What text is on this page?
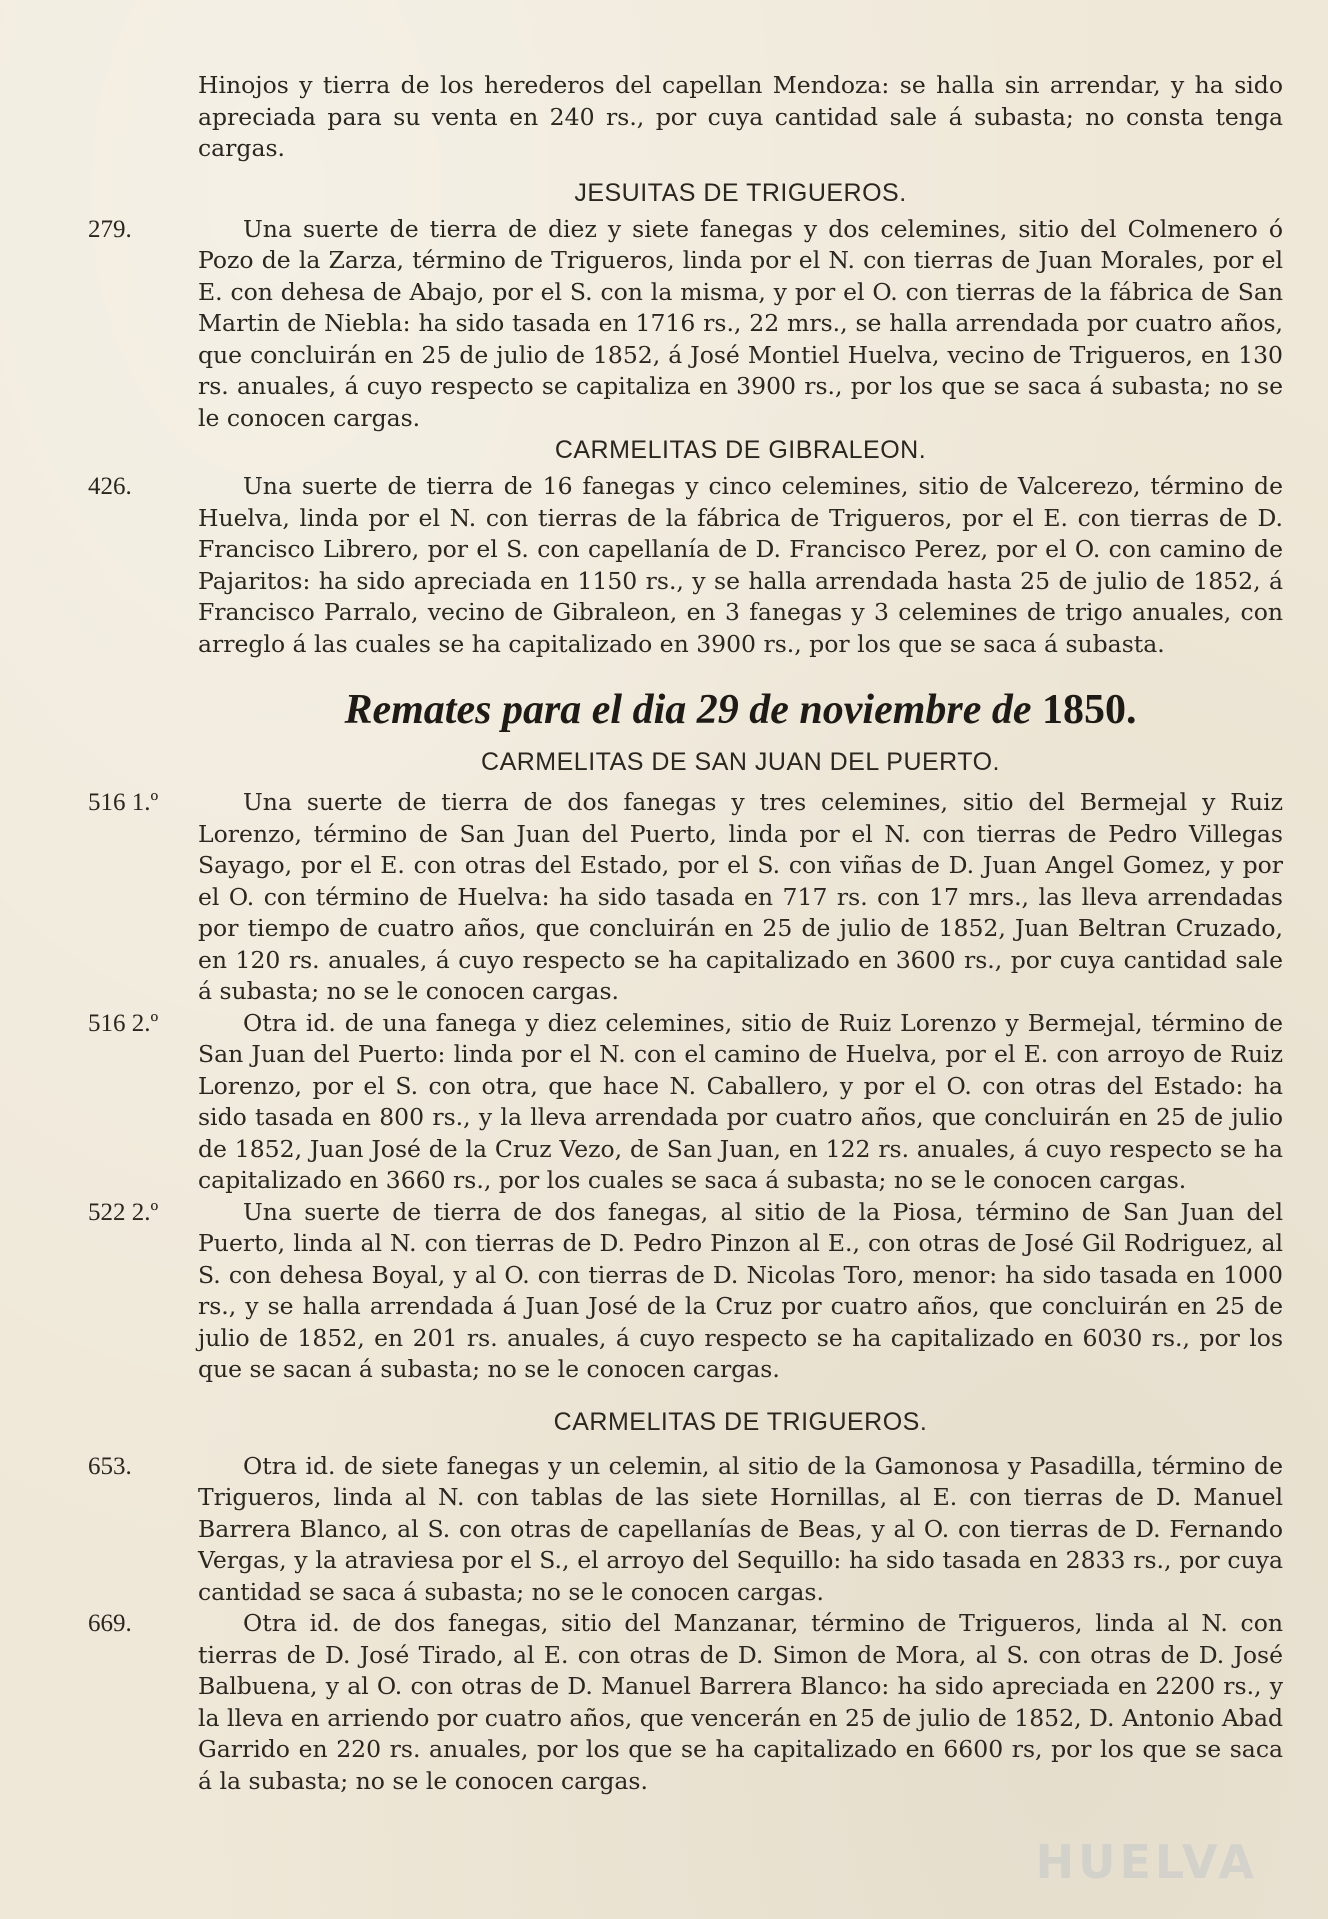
Hinojos y tierra de los herederos del capellan Mendoza: se halla sin arrendar, y ha sido apreciada para su venta en 240 rs., por cuya cantidad sale á subasta; no consta tenga cargas.

JESUITAS DE TRIGUEROS.

279.	Una suerte de tierra de diez y siete fanegas y dos celemines, sitio del Colmenero ó Pozo de la Zarza, término de Trigueros, linda por el N. con tierras de Juan Morales, por el E. con dehesa de Abajo, por el S. con la misma, y por el O. con tierras de la fábrica de San Martin de Niebla: ha sido tasada en 1716 rs., 22 mrs., se halla arrendada por cuatro años, que concluirán en 25 de julio de 1852, á José Montiel Huelva, vecino de Trigueros, en 130 rs. anuales, á cuyo respecto se capitaliza en 3900 rs., por los que se saca á subasta; no se le conocen cargas.

CARMELITAS DE GIBRALEON.

426.	Una suerte de tierra de 16 fanegas y cinco celemines, sitio de Valcerezo, término de Huelva, linda por el N. con tierras de la fábrica de Trigueros, por el E. con tierras de D. Francisco Librero, por el S. con capellanía de D. Francisco Perez, por el O. con camino de Pajaritos: ha sido apreciada en 1150 rs., y se halla arrendada hasta 25 de julio de 1852, á Francisco Parralo, vecino de Gibraleon, en 3 fanegas y 3 celemines de trigo anuales, con arreglo á las cuales se ha capitalizado en 3900 rs., por los que se saca á subasta.

Remates para el dia 29 de noviembre de 1850.
CARMELITAS DE SAN JUAN DEL PUERTO.

516 1.º	Una suerte de tierra de dos fanegas y tres celemines, sitio del Bermejal y Ruiz Lorenzo, término de San Juan del Puerto, linda por el N. con tierras de Pedro Villegas Sayago, por el E. con otras del Estado, por el S. con viñas de D. Juan Angel Gomez, y por el O. con término de Huelva: ha sido tasada en 717 rs. con 17 mrs., las lleva arrendadas por tiempo de cuatro años, que concluirán en 25 de julio de 1852, Juan Beltran Cruzado, en 120 rs. anuales, á cuyo respecto se ha capitalizado en 3600 rs., por cuya cantidad sale á subasta; no se le conocen cargas.

516 2.º	Otra id. de una fanega y diez celemines, sitio de Ruiz Lorenzo y Bermejal, término de San Juan del Puerto: linda por el N. con el camino de Huelva, por el E. con arroyo de Ruiz Lorenzo, por el S. con otra, que hace N. Caballero, y por el O. con otras del Estado: ha sido tasada en 800 rs., y la lleva arrendada por cuatro años, que concluirán en 25 de julio de 1852, Juan José de la Cruz Vezo, de San Juan, en 122 rs. anuales, á cuyo respecto se ha capitalizado en 3660 rs., por los cuales se saca á subasta; no se le conocen cargas.

522 2.º	Una suerte de tierra de dos fanegas, al sitio de la Piosa, término de San Juan del Puerto, linda al N. con tierras de D. Pedro Pinzon al E., con otras de José Gil Rodriguez, al S. con dehesa Boyal, y al O. con tierras de D. Nicolas Toro, menor: ha sido tasada en 1000 rs., y se halla arrendada á Juan José de la Cruz por cuatro años, que concluirán en 25 de julio de 1852, en 201 rs. anuales, á cuyo respecto se ha capitalizado en 6030 rs., por los que se sacan á subasta; no se le conocen cargas.

CARMELITAS DE TRIGUEROS.

653.	Otra id. de siete fanegas y un celemin, al sitio de la Gamonosa y Pasadilla, término de Trigueros, linda al N. con tablas de las siete Hornillas, al E. con tierras de D. Manuel Barrera Blanco, al S. con otras de capellanías de Beas, y al O. con tierras de D. Fernando Vergas, y la atraviesa por el S., el arroyo del Sequillo: ha sido tasada en 2833 rs., por cuya cantidad se saca á subasta; no se le conocen cargas.

669.	Otra id. de dos fanegas, sitio del Manzanar, término de Trigueros, linda al N. con tierras de D. José Tirado, al E. con otras de D. Simon de Mora, al S. con otras de D. José Balbuena, y al O. con otras de D. Manuel Barrera Blanco: ha sido apreciada en 2200 rs., y la lleva en arriendo por cuatro años, que vencerán en 25 de julio de 1852, D. Antonio Abad Garrido en 220 rs. anuales, por los que se ha capitalizado en 6600 rs, por los que se saca á la subasta; no se le conocen cargas.

HUELVA
